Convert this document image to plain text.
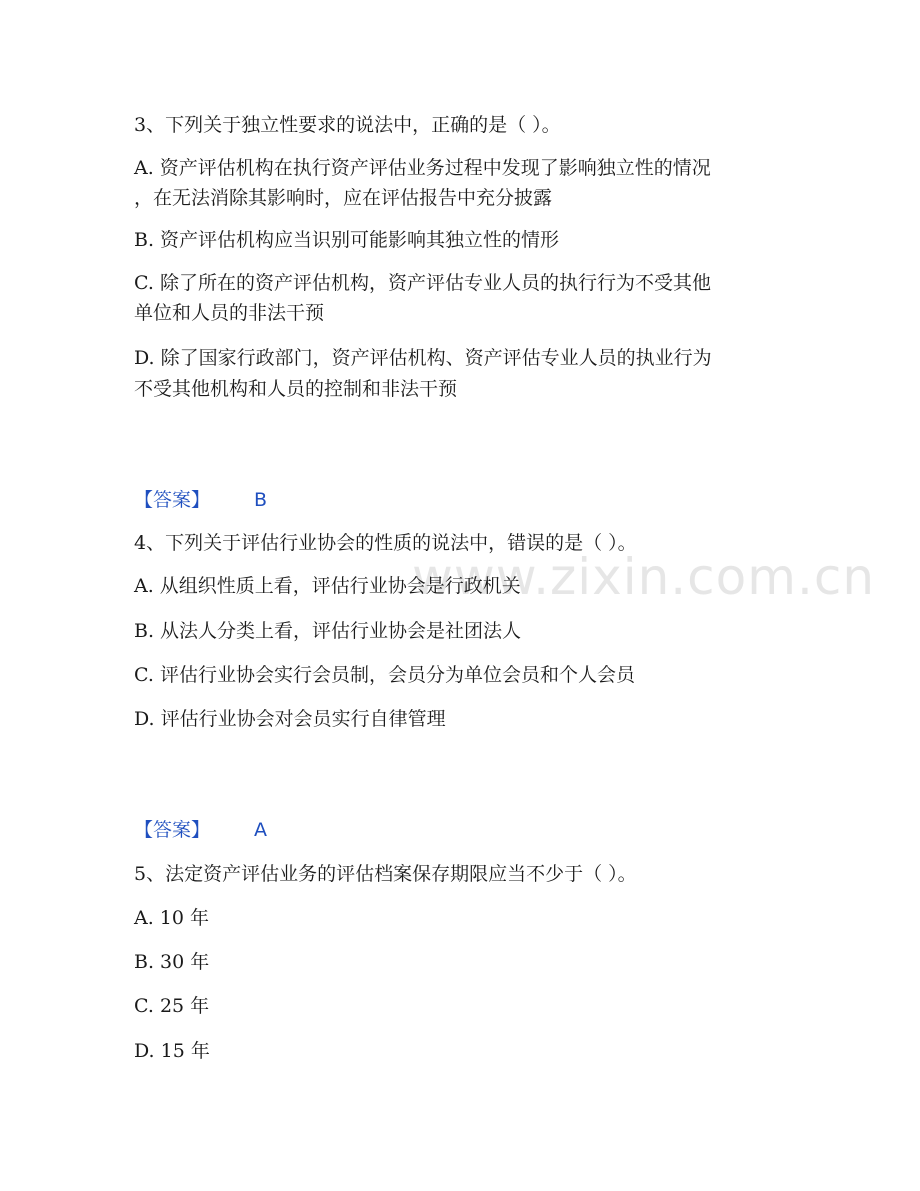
www.zixin.com.cn
3、下列关于独立性要求的说法中，正确的是（ ）。
A. 资产评估机构在执行资产评估业务过程中发现了影响独立性的情况
，在无法消除其影响时，应在评估报告中充分披露
B. 资产评估机构应当识别可能影响其独立性的情形
C. 除了所在的资产评估机构，资产评估专业人员的执行行为不受其他
单位和人员的非法干预
D. 除了国家行政部门，资产评估机构、资产评估专业人员的执业行为
不受其他机构和人员的控制和非法干预
【答案】 B
4、下列关于评估行业协会的性质的说法中，错误的是（ ）。
A. 从组织性质上看，评估行业协会是行政机关
B. 从法人分类上看，评估行业协会是社团法人
C. 评估行业协会实行会员制，会员分为单位会员和个人会员
D. 评估行业协会对会员实行自律管理
【答案】 A
5、法定资产评估业务的评估档案保存期限应当不少于（ ）。
A. 10 年
B. 30 年
C. 25 年
D. 15 年
